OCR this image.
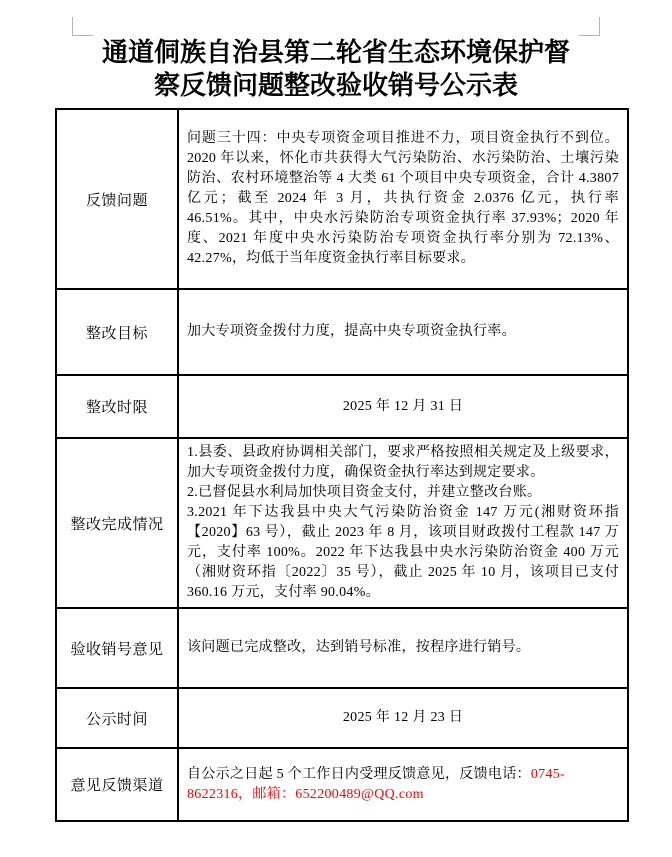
通道侗族自治县第二轮省生态环境保护督察反馈问题整改验收销号公示表
反馈问题	问题三十四：中央专项资金项目推进不力，项目资金执行不到位。2020 年以来，怀化市共获得大气污染防治、水污染防治、土壤污染防治、农村环境整治等 4 大类 61 个项目中央专项资金，合计 4.3807 亿元；截至 2024 年 3 月，共执行资金 2.0376 亿元，执行率 46.51%。其中，中央水污染防治专项资金执行率 37.93%；2020 年度、2021 年度中央水污染防治专项资金执行率分别为 72.13%、42.27%，均低于当年度资金执行率目标要求。
整改目标	加大专项资金拨付力度，提高中央专项资金执行率。
整改时限	2025 年 12 月 31 日
整改完成情况	1.县委、县政府协调相关部门，要求严格按照相关规定及上级要求，加大专项资金拨付力度，确保资金执行率达到规定要求。
2.已督促县水利局加快项目资金支付，并建立整改台账。
3.2021 年下达我县中央大气污染防治资金 147 万元(湘财资环指【2020】63 号），截止 2023 年 8 月，该项目财政拨付工程款 147 万元，支付率 100%。2022 年下达我县中央水污染防治资金 400 万元（湘财资环指〔2022〕35 号），截止 2025 年 10 月，该项目已支付 360.16 万元，支付率 90.04%。

验收销号意见	该问题已完成整改，达到销号标准，按程序进行销号。
公示时间	2025 年 12 月 23 日
意见反馈渠道	自公示之日起 5 个工作日内受理反馈意见，反馈电话：0745-8622316，邮箱：652200489@QQ.com
